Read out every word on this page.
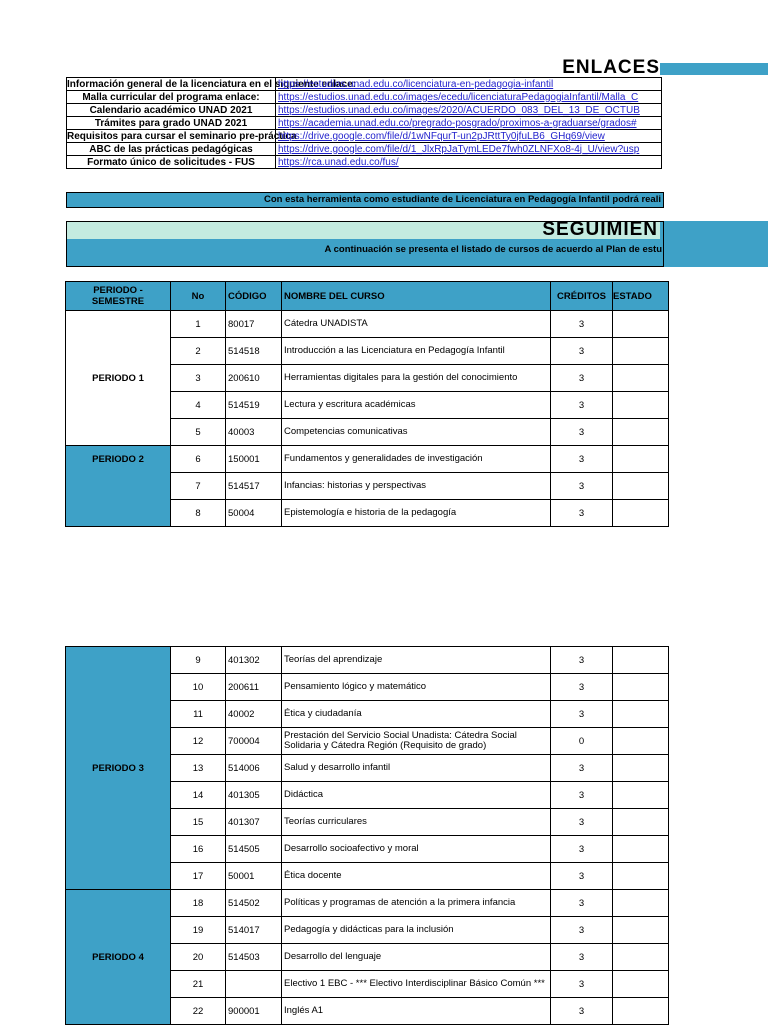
ENLACES
Información general de la licenciatura en el siguiente enlace:	https://estudios.unad.edu.co/licenciatura-en-pedagogia-infantil
Malla curricular del programa enlace:	https://estudios.unad.edu.co/images/ecedu/licenciaturaPedagogiaInfantil/Malla_C
Calendario académico UNAD 2021	https://estudios.unad.edu.co/images/2020/ACUERDO_083_DEL_13_DE_OCTUB
Trámites para grado UNAD 2021	https://academia.unad.edu.co/pregrado-posgrado/proximos-a-graduarse/grados#
Requisitos para cursar el seminario pre-práctica	https://drive.google.com/file/d/1wNFqurT-un2pJRttTy0jfuLB6_GHq69/view
ABC de las prácticas pedagógicas	https://drive.google.com/file/d/1_JlxRpJaTymLEDe7fwh0ZLNFXo8-4j_U/view?usp
Formato único de solicitudes - FUS	https://rca.unad.edu.co/fus/
Con esta herramienta como estudiante de Licenciatura en Pedagogía Infantil podrá reali
SEGUIMIEN
A continuación se presenta el listado de cursos de acuerdo al Plan de estu
PERIODO - SEMESTRE	No	CÓDIGO	NOMBRE DEL CURSO	CRÉDITOS	ESTADO
PERIODO 1	1	80017	Cátedra UNADISTA	3	
	2	514518	Introducción a las Licenciatura en Pedagogía Infantil	3	
	3	200610	Herramientas digitales para la gestión del conocimiento	3	
	4	514519	Lectura y escritura académicas	3	
	5	40003	Competencias comunicativas	3	
PERIODO 2	6	150001	Fundamentos y generalidades de investigación	3	
	7	514517	Infancias: historias y perspectivas	3	
	8	50004	Epistemología e historia de la pedagogía	3	
PERIODO 3	9	401302	Teorías del aprendizaje	3	
	10	200611	Pensamiento lógico y matemático	3	
	11	40002	Ética y ciudadanía	3	
	12	700004	Prestación del Servicio Social Unadista: Cátedra Social Solidaria y Cátedra Región (Requisito de grado)	0	
	13	514006	Salud y desarrollo infantil	3	
	14	401305	Didáctica	3	
	15	401307	Teorías curriculares	3	
	16	514505	Desarrollo socioafectivo y moral	3	
	17	50001	Ética docente	3	
PERIODO 4	18	514502	Políticas y programas de atención a la primera infancia	3	
	19	514017	Pedagogía y didácticas para la inclusión	3	
	20	514503	Desarrollo del lenguaje	3	
	21		Electivo 1 EBC - *** Electivo Interdisciplinar Básico Común ***	3	
	22	900001	Inglés A1	3	
